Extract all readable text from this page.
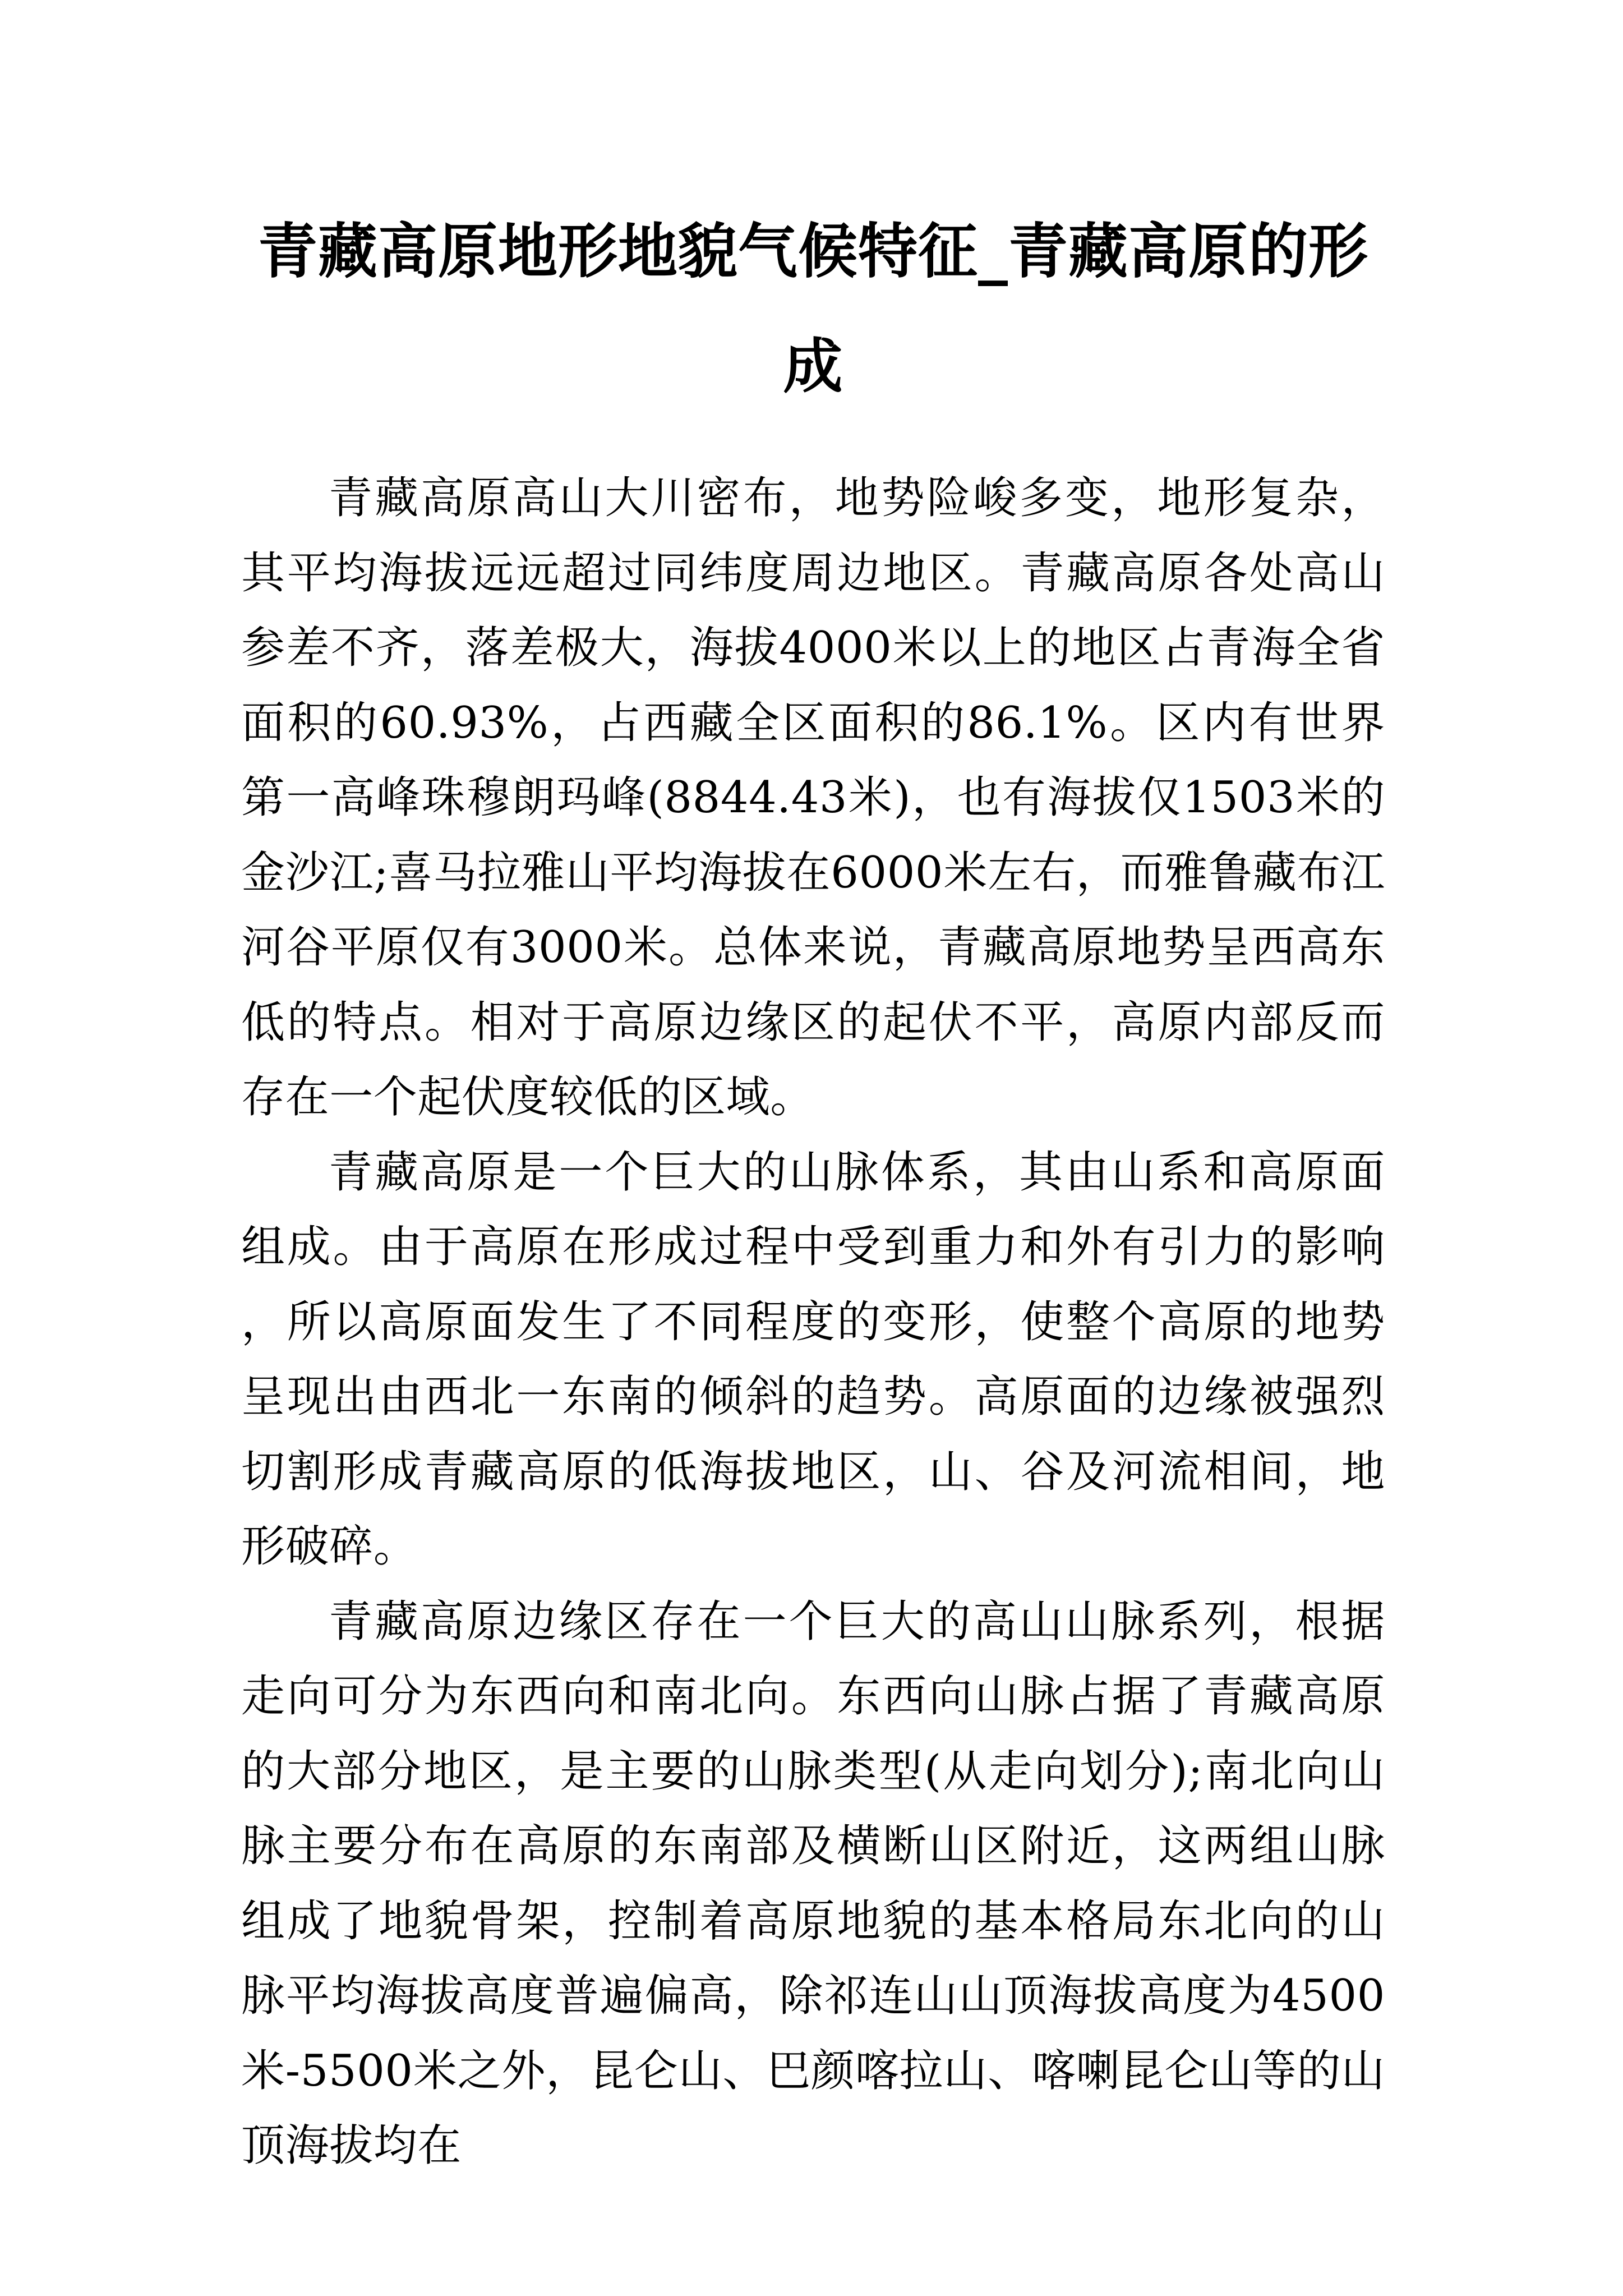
青藏高原地形地貌气候特征_青藏高原的形成

青藏高原高山大川密布，地势险峻多变，地形复杂，其平均海拔远远超过同纬度周边地区。青藏高原各处高山参差不齐，落差极大，海拔4000米以上的地区占青海全省面积的60.93%，占西藏全区面积的86.1%。区内有世界第一高峰珠穆朗玛峰(8844.43米)，也有海拔仅1503米的金沙江;喜马拉雅山平均海拔在6000米左右，而雅鲁藏布江河谷平原仅有3000米。总体来说，青藏高原地势呈西高东低的特点。相对于高原边缘区的起伏不平，高原内部反而存在一个起伏度较低的区域。

青藏高原是一个巨大的山脉体系，其由山系和高原面组成。由于高原在形成过程中受到重力和外有引力的影响，所以高原面发生了不同程度的变形，使整个高原的地势呈现出由西北一东南的倾斜的趋势。高原面的边缘被强烈切割形成青藏高原的低海拔地区，山、谷及河流相间，地形破碎。

青藏高原边缘区存在一个巨大的高山山脉系列，根据走向可分为东西向和南北向。东西向山脉占据了青藏高原的大部分地区，是主要的山脉类型(从走向划分);南北向山脉主要分布在高原的东南部及横断山区附近，这两组山脉组成了地貌骨架，控制着高原地貌的基本格局东北向的山脉平均海拔高度普遍偏高，除祁连山山顶海拔高度为4500米-5500米之外，昆仑山、巴颜喀拉山、喀喇昆仑山等的山顶海拔均在
